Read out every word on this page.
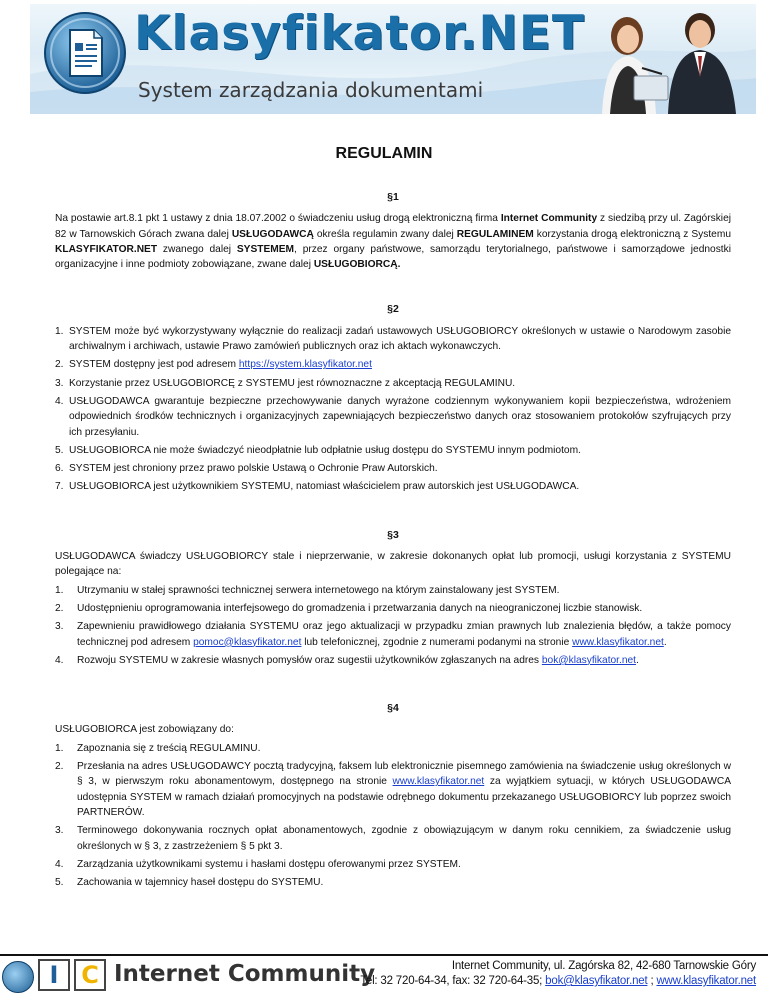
Klasyfikator.NET
System zarządzania dokumentami
REGULAMIN
§1
Na postawie art.8.1 pkt 1 ustawy z dnia 18.07.2002 o świadczeniu usług drogą elektroniczną firma Internet Community z siedzibą przy ul. Zagórskiej 82 w Tarnowskich Górach zwana dalej USŁUGODAWCĄ określa regulamin zwany dalej REGULAMINEM korzystania drogą elektroniczną z Systemu KLASYFIKATOR.NET zwanego dalej SYSTEMEM, przez organy państwowe, samorządu terytorialnego, państwowe i samorządowe jednostki organizacyjne i inne podmioty zobowiązane, zwane dalej USŁUGOBIORCĄ.
§2
1. SYSTEM może być wykorzystywany wyłącznie do realizacji zadań ustawowych USŁUGOBIORCY określonych w ustawie o Narodowym zasobie archiwalnym i archiwach, ustawie Prawo zamówień publicznych oraz ich aktach wykonawczych.
2. SYSTEM dostępny jest pod adresem https://system.klasyfikator.net
3. Korzystanie przez USŁUGOBIORCĘ z SYSTEMU jest równoznaczne z akceptacją REGULAMINU.
4. USŁUGODAWCA gwarantuje bezpieczne przechowywanie danych wyrażone codziennym wykonywaniem kopii bezpieczeństwa, wdrożeniem odpowiednich środków technicznych i organizacyjnych zapewniających bezpieczeństwo danych oraz stosowaniem protokołów szyfrujących przy ich przesyłaniu.
5. USŁUGOBIORCA nie może świadczyć nieodpłatnie lub odpłatnie usług dostępu do SYSTEMU innym podmiotom.
6. SYSTEM jest chroniony przez prawo polskie Ustawą o Ochronie Praw Autorskich.
7. USŁUGOBIORCA jest użytkownikiem SYSTEMU, natomiast właścicielem praw autorskich jest USŁUGODAWCA.
§3
USŁUGODAWCA świadczy USŁUGOBIORCY stale i nieprzerwanie, w zakresie dokonanych opłat lub promocji, usługi korzystania z SYSTEMU polegające na:
1. Utrzymaniu w stałej sprawności technicznej serwera internetowego na którym zainstalowany jest SYSTEM.
2. Udostępnieniu oprogramowania interfejsowego do gromadzenia i przetwarzania danych na nieograniczonej liczbie stanowisk.
3. Zapewnieniu prawidłowego działania SYSTEMU oraz jego aktualizacji w przypadku zmian prawnych lub znalezienia błędów, a także pomocy technicznej pod adresem pomoc@klasyfikator.net lub telefonicznej, zgodnie z numerami podanymi na stronie www.klasyfikator.net.
4. Rozwoju SYSTEMU w zakresie własnych pomysłów oraz sugestii użytkowników zgłaszanych na adres bok@klasyfikator.net.
§4
USŁUGOBIORCA jest zobowiązany do:
1. Zapoznania się z treścią REGULAMINU.
2. Przesłania na adres USŁUGODAWCY pocztą tradycyjną, faksem lub elektronicznie pisemnego zamówienia na świadczenie usług określonych w § 3, w pierwszym roku abonamentowym, dostępnego na stronie www.klasyfikator.net za wyjątkiem sytuacji, w których USŁUGODAWCA udostępnia SYSTEM w ramach działań promocyjnych na podstawie odrębnego dokumentu przekazanego USŁUGOBIORCY lub poprzez swoich PARTNERÓW.
3. Terminowego dokonywania rocznych opłat abonamentowych, zgodnie z obowiązującym w danym roku cennikiem, za świadczenie usług określonych w § 3, z zastrzeżeniem § 5 pkt 3.
4. Zarządzania użytkownikami systemu i hasłami dostępu oferowanymi przez SYSTEM.
5. Zachowania w tajemnicy haseł dostępu do SYSTEMU.
I C Internet Community	Internet Community, ul. Zagórska 82, 42-680 Tarnowskie Góry
Tel: 32 720-64-34, fax: 32 720-64-35; bok@klasyfikator.net ; www.klasyfikator.net
